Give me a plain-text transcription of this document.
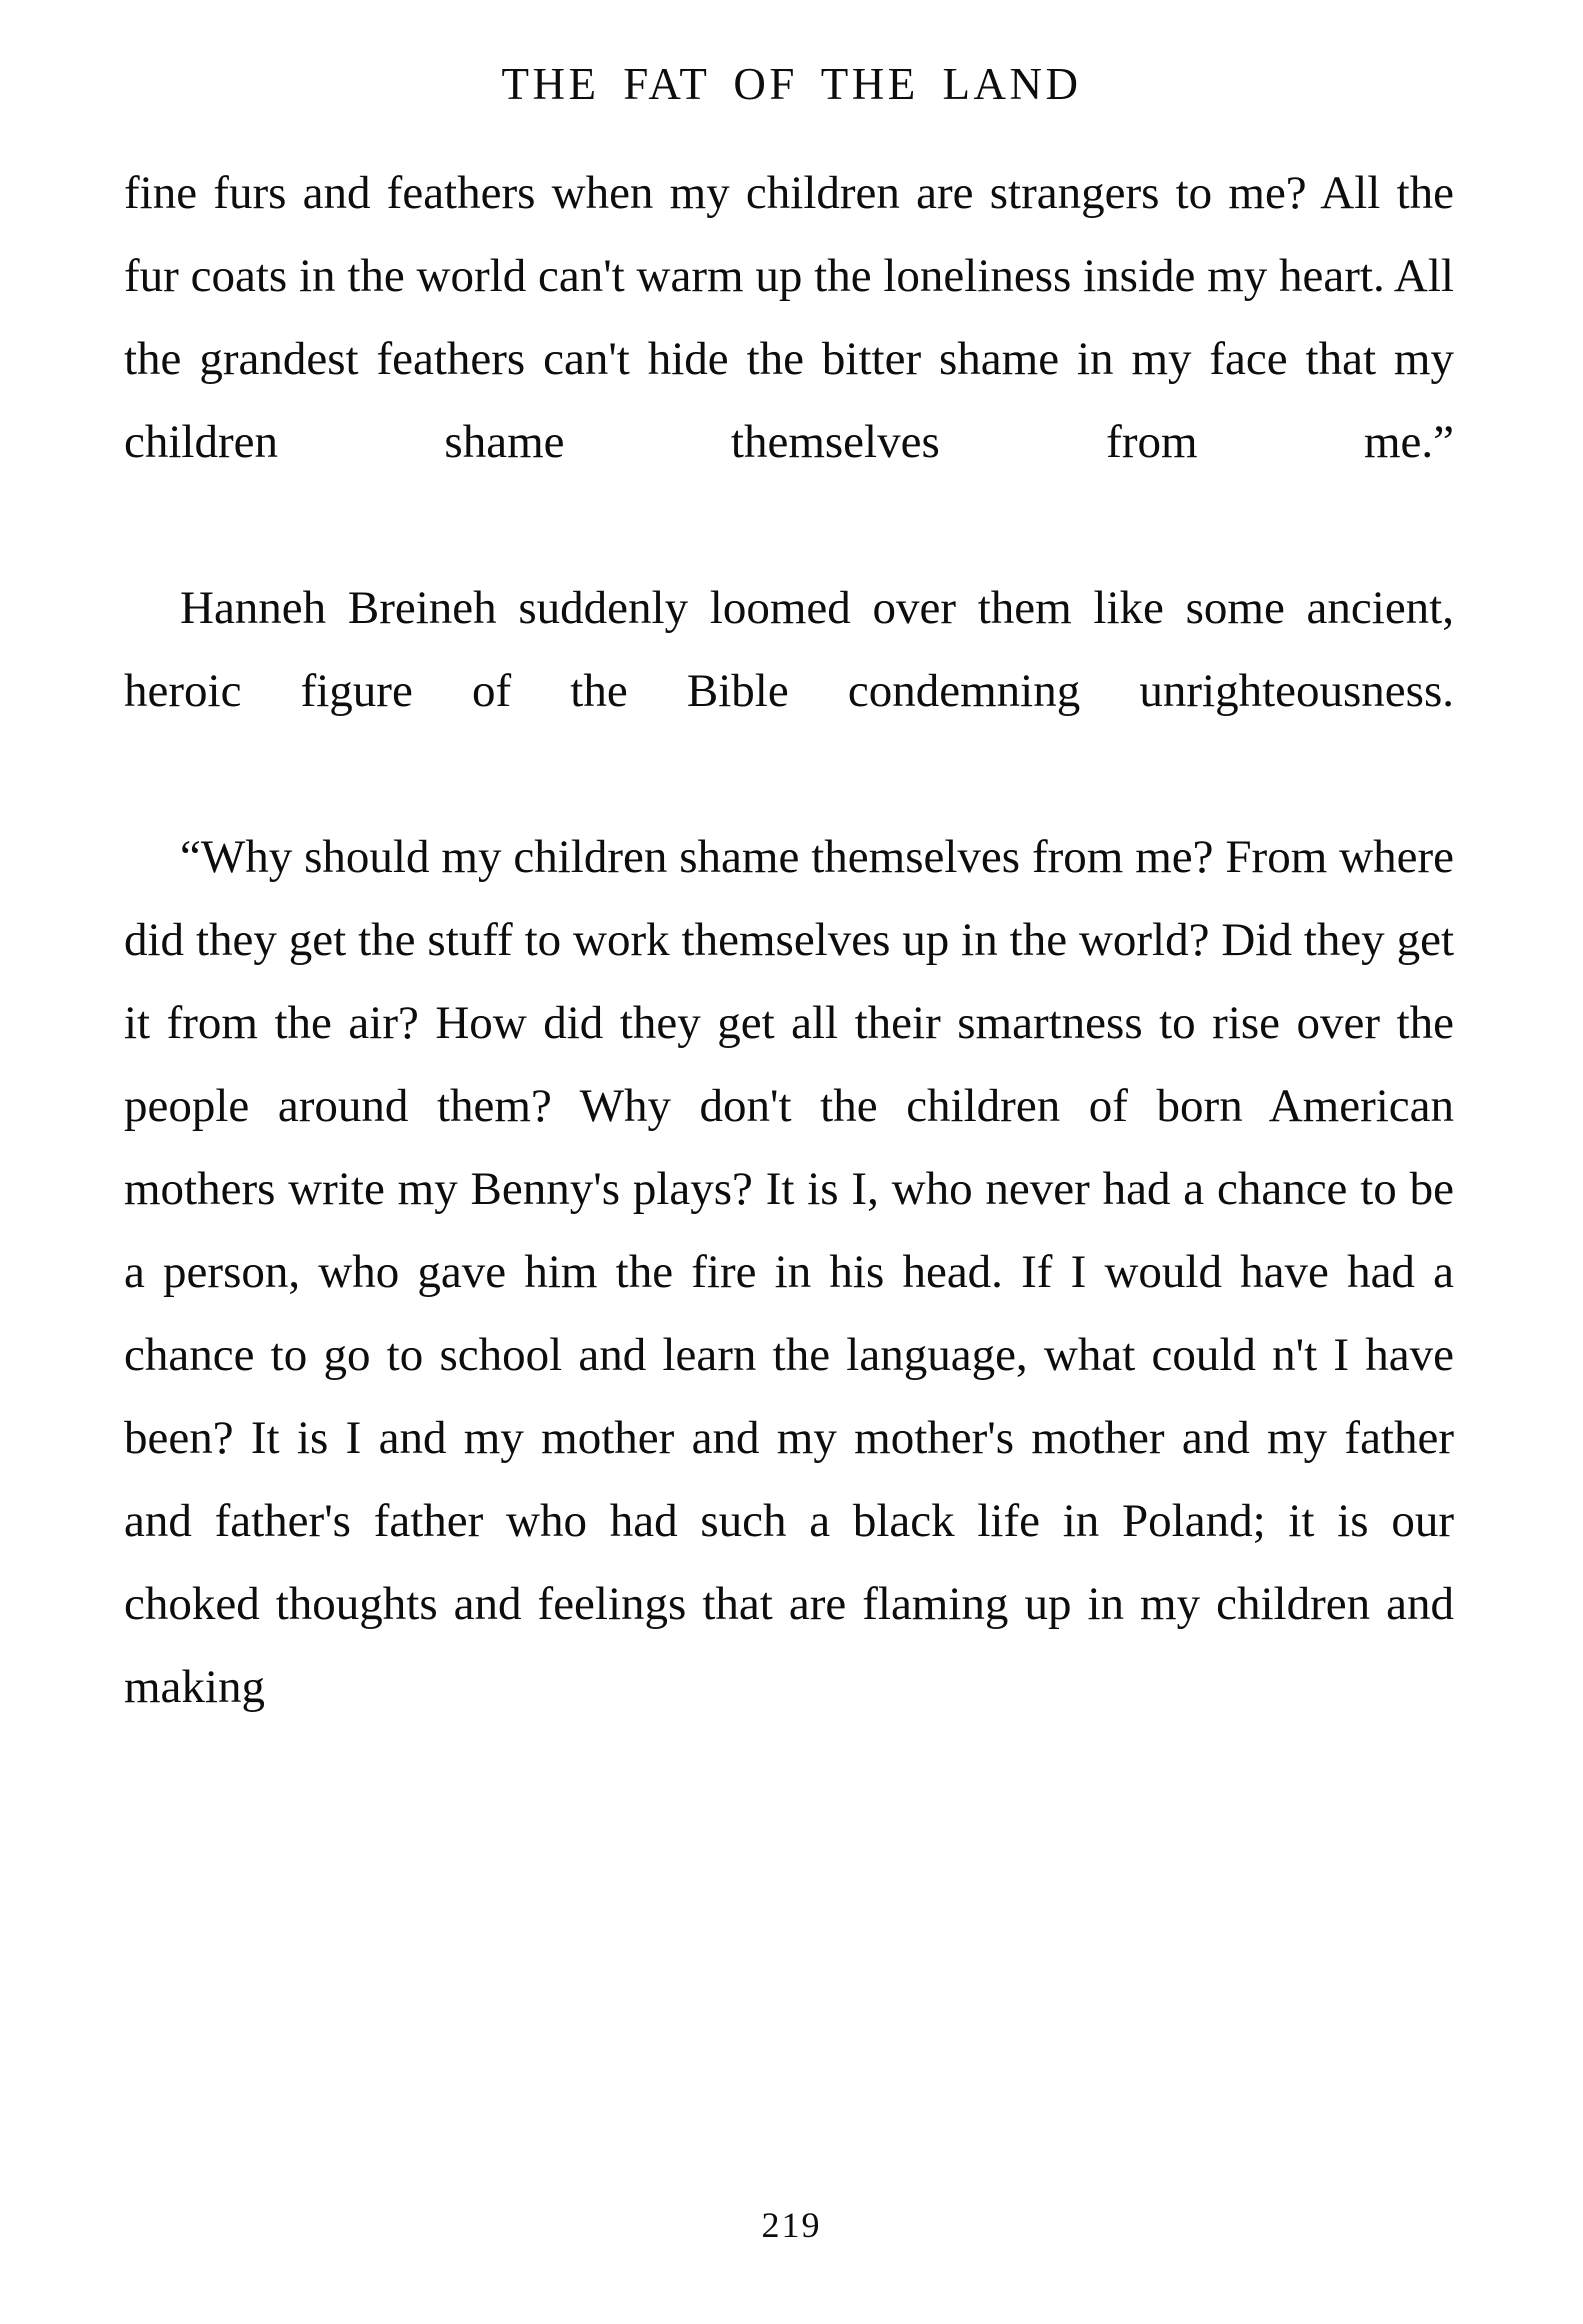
THE FAT OF THE LAND

fine furs and feathers when my children are strangers to me? All the fur coats in the world can't warm up the loneliness inside my heart. All the grandest feathers can't hide the bitter shame in my face that my children shame themselves from me.”

Hanneh Breineh suddenly loomed over them like some ancient, heroic figure of the Bible condemning unrighteousness.

“Why should my children shame themselves from me? From where did they get the stuff to work themselves up in the world? Did they get it from the air? How did they get all their smartness to rise over the people around them? Why don't the children of born American mothers write my Benny's plays? It is I, who never had a chance to be a person, who gave him the fire in his head. If I would have had a chance to go to school and learn the language, what could n't I have been? It is I and my mother and my mother's mother and my father and father's father who had such a black life in Poland; it is our choked thoughts and feelings that are flaming up in my children and making

219
